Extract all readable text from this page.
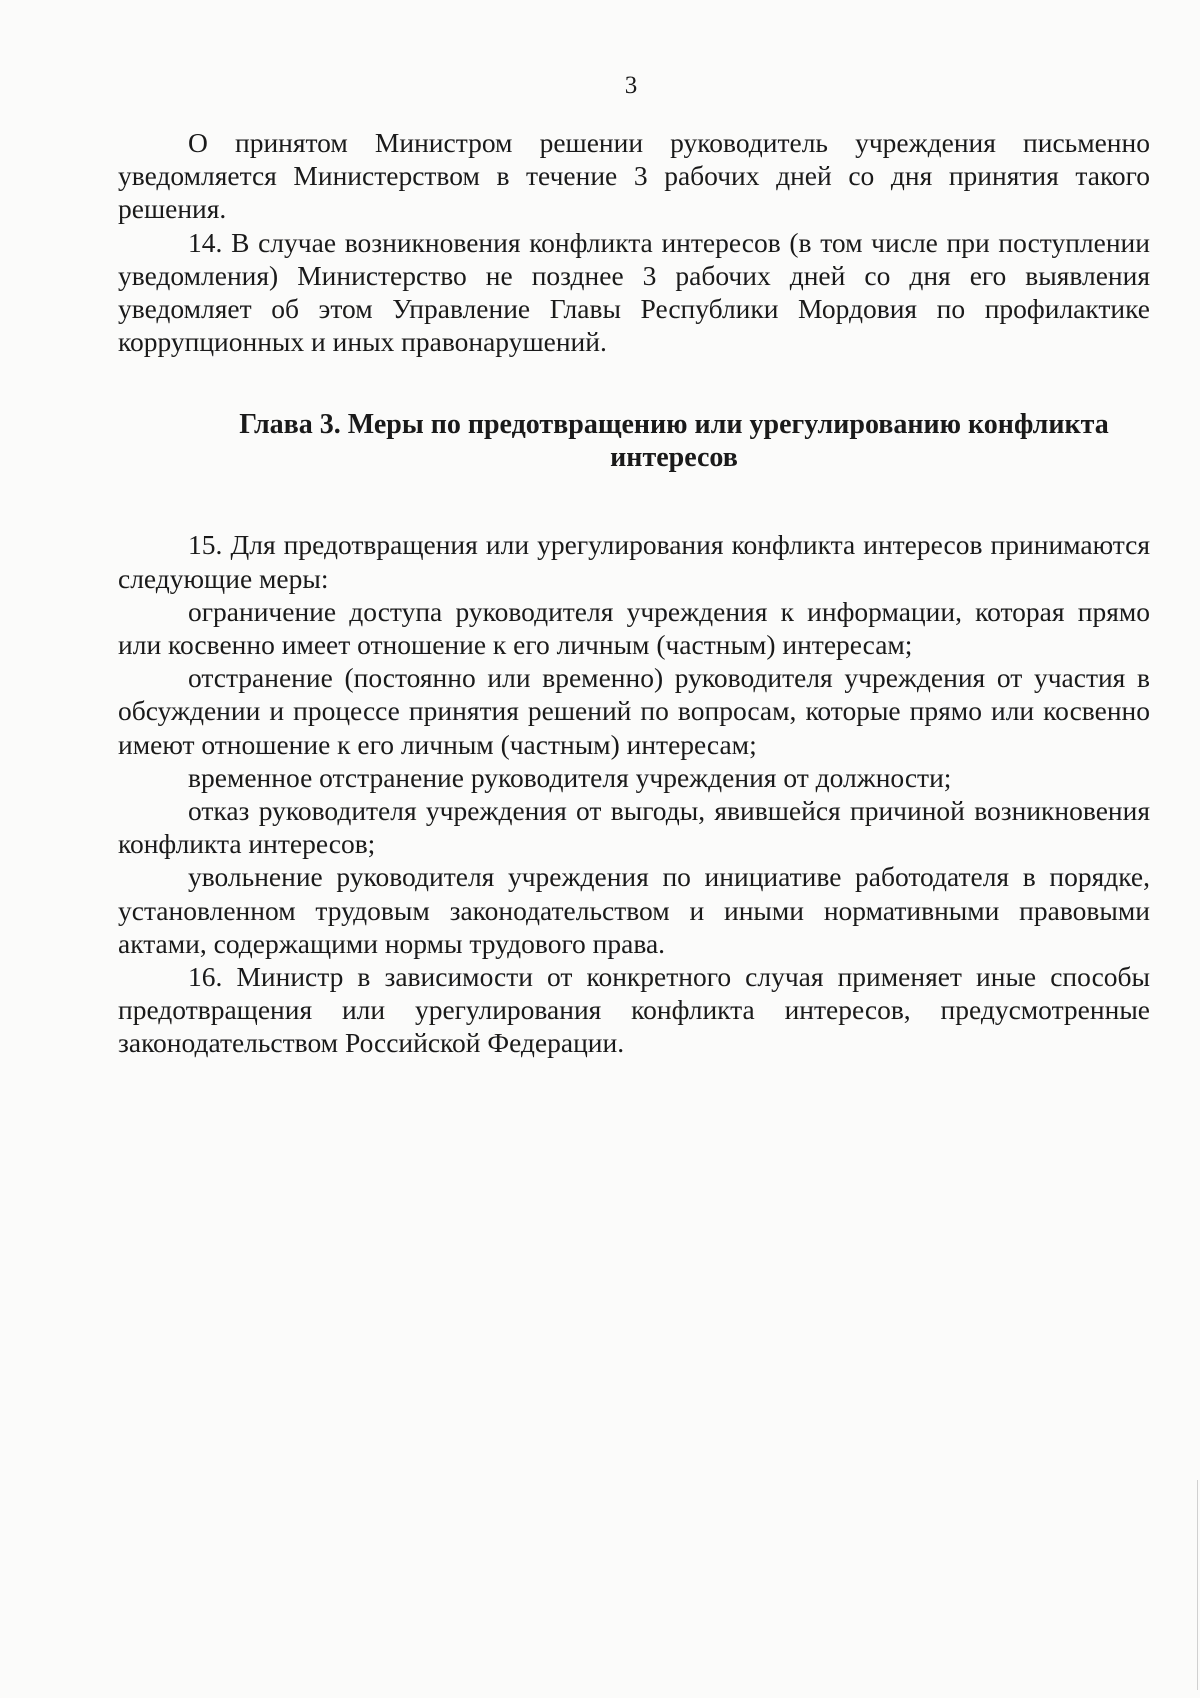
3

О принятом Министром решении руководитель учреждения письменно уведомляется Министерством в течение 3 рабочих дней со дня принятия такого решения.

14. В случае возникновения конфликта интересов (в том числе при поступлении уведомления) Министерство не позднее 3 рабочих дней со дня его выявления уведомляет об этом Управление Главы Республики Мордовия по профилактике коррупционных и иных правонарушений.

Глава 3. Меры по предотвращению или урегулированию конфликта
интересов

15. Для предотвращения или урегулирования конфликта интересов принимаются следующие меры:

ограничение доступа руководителя учреждения к информации, которая прямо или косвенно имеет отношение к его личным (частным) интересам;

отстранение (постоянно или временно) руководителя учреждения от участия в обсуждении и процессе принятия решений по вопросам, которые прямо или косвенно имеют отношение к его личным (частным) интересам;

временное отстранение руководителя учреждения от должности;

отказ руководителя учреждения от выгоды, явившейся причиной возникновения конфликта интересов;

увольнение руководителя учреждения по инициативе работодателя в порядке, установленном трудовым законодательством и иными нормативными правовыми актами, содержащими нормы трудового права.

16. Министр в зависимости от конкретного случая применяет иные способы предотвращения или урегулирования конфликта интересов, предусмотренные законодательством Российской Федерации.
